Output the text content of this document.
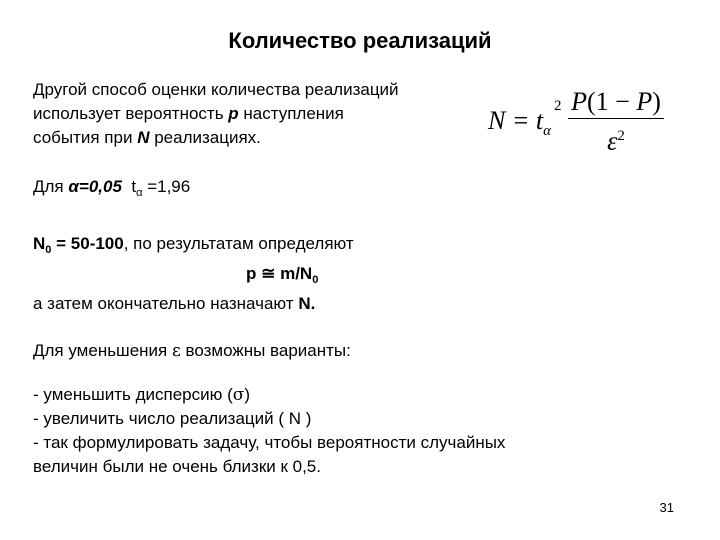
Количество реализаций
Другой способ оценки количества реализаций
использует вероятность p наступления
события при N реализациях.
$N = t_\alpha$
2 P(1 − P)
$\varepsilon^2$
Для α=0,05  $t_\alpha =1,96$
$N_0 = 50-100$, по результатам определяют
p ≅ $m/N_0$
а затем окончательно назначают N.
Для уменьшения ε возможны варианты:
- уменьшить дисперсию (σ)
- увеличить число реализаций ( N )
- так формулировать задачу, чтобы вероятности случайных
величин были не очень близки к 0,5.
31
